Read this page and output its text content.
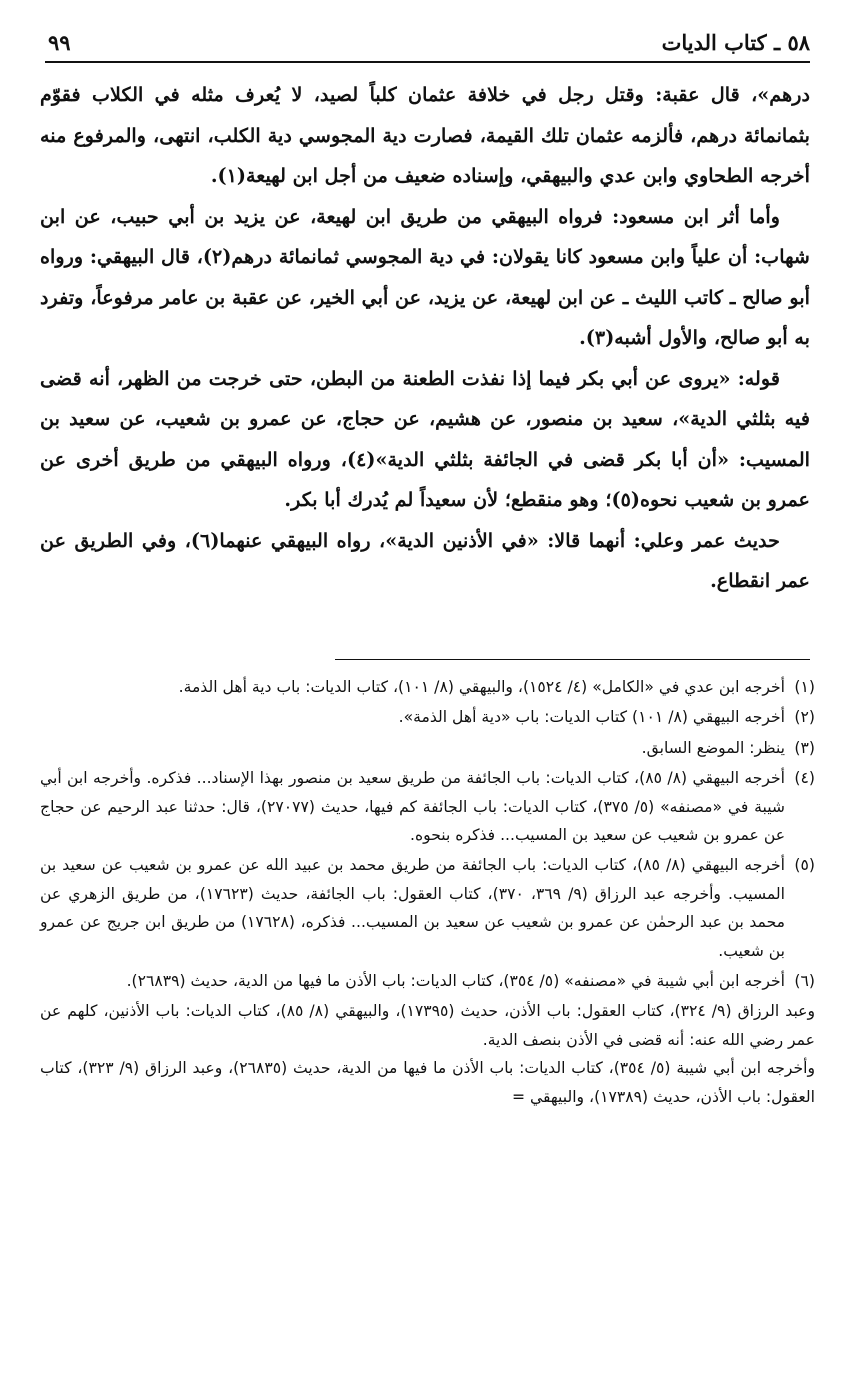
٥٨ ـ كتاب الديات
٩٩

درهم»، قال عقبة: وقتل رجل في خلافة عثمان كلباً لصيد، لا يُعرف مثله في الكلاب فقوّم بثمانمائة درهم، فألزمه عثمان تلك القيمة، فصارت دية المجوسي دية الكلب، انتهى، والمرفوع منه أخرجه الطحاوي وابن عدي والبيهقي، وإسناده ضعيف من أجل ابن لهيعة(١).

وأما أثر ابن مسعود: فرواه البيهقي من طريق ابن لهيعة، عن يزيد بن أبي حبيب، عن ابن شهاب: أن علياً وابن مسعود كانا يقولان: في دية المجوسي ثمانمائة درهم(٢)، قال البيهقي: ورواه أبو صالح ـ كاتب الليث ـ عن ابن لهيعة، عن يزيد، عن أبي الخير، عن عقبة بن عامر مرفوعاً، وتفرد به أبو صالح، والأول أشبه(٣).

قوله: «يروى عن أبي بكر فيما إذا نفذت الطعنة من البطن، حتى خرجت من الظهر، أنه قضى فيه بثلثي الدية»، سعيد بن منصور، عن هشيم، عن حجاج، عن عمرو بن شعيب، عن سعيد بن المسيب: «أن أبا بكر قضى في الجائفة بثلثي الدية»(٤)، ورواه البيهقي من طريق أخرى عن عمرو بن شعيب نحوه(٥)؛ وهو منقطع؛ لأن سعيداً لم يُدرك أبا بكر.

حديث عمر وعلي: أنهما قالا: «في الأذنين الدية»، رواه البيهقي عنهما(٦)، وفي الطريق عن عمر انقطاع.

(١)
أخرجه ابن عدي في «الكامل» (٤/ ١٥٢٤)، والبيهقي (٨/ ١٠١)، كتاب الديات: باب دية أهل الذمة.
(٢)
أخرجه البيهقي (٨/ ١٠١) كتاب الديات: باب «دية أهل الذمة».
(٣)
ينظر: الموضع السابق.
(٤)
أخرجه البيهقي (٨/ ٨٥)، كتاب الديات: باب الجائفة من طريق سعيد بن منصور بهذا الإسناد... فذكره. وأخرجه ابن أبي شيبة في «مصنفه» (٥/ ٣٧٥)، كتاب الديات: باب الجائفة كم فيها، حديث (٢٧٠٧٧)، قال: حدثنا عبد الرحيم عن حجاج عن عمرو بن شعيب عن سعيد بن المسيب... فذكره بنحوه.
(٥)
أخرجه البيهقي (٨/ ٨٥)، كتاب الديات: باب الجائفة من طريق محمد بن عبيد الله عن عمرو بن شعيب عن سعيد بن المسيب. وأخرجه عبد الرزاق (٩/ ٣٦٩، ٣٧٠)، كتاب العقول: باب الجائفة، حديث (١٧٦٢٣)، من طريق الزهري عن محمد بن عبد الرحمٰن عن عمرو بن شعيب عن سعيد بن المسيب... فذكره، (١٧٦٢٨) من طريق ابن جريج عن عمرو بن شعيب.
(٦)
أخرجه ابن أبي شيبة في «مصنفه» (٥/ ٣٥٤)، كتاب الديات: باب الأذن ما فيها من الدية، حديث (٢٦٨٣٩).

وعبد الرزاق (٩/ ٣٢٤)، كتاب العقول: باب الأذن، حديث (١٧٣٩٥)، والبيهقي (٨/ ٨٥)، كتاب الديات: باب الأذنين، كلهم عن عمر رضي الله عنه: أنه قضى في الأذن بنصف الدية.

وأخرجه ابن أبي شيبة (٥/ ٣٥٤)، كتاب الديات: باب الأذن ما فيها من الدية، حديث (٢٦٨٣٥)، وعبد الرزاق (٩/ ٣٢٣)، كتاب العقول: باب الأذن، حديث (١٧٣٨٩)، والبيهقي =
